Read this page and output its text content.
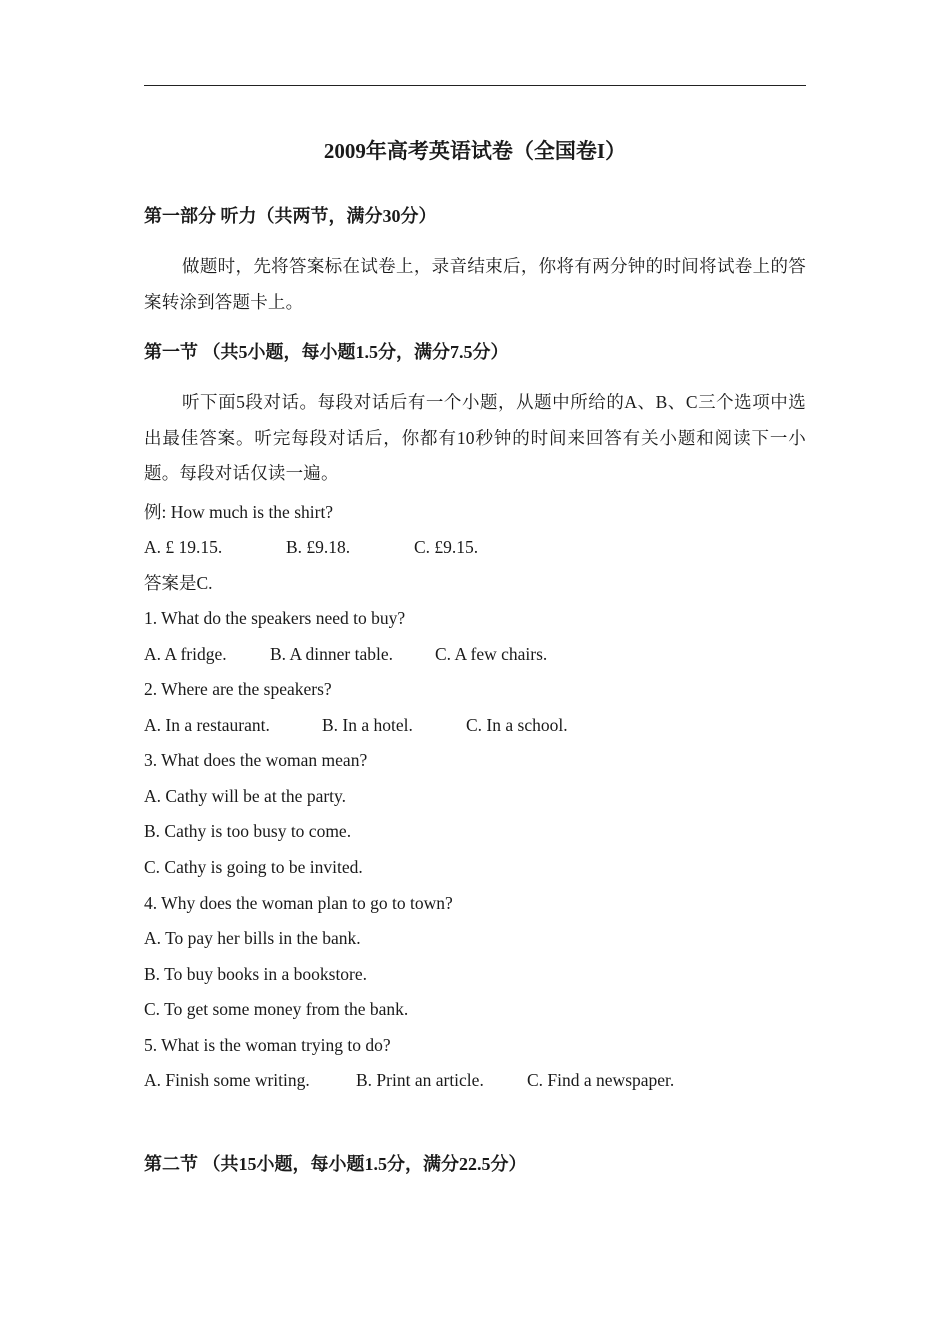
2009年高考英语试卷（全国卷I）
第一部分 听力（共两节，满分30分）
做题时，先将答案标在试卷上，录音结束后，你将有两分钟的时间将试卷上的答案转涂到答题卡上。
第一节 （共5小题，每小题1.5分，满分7.5分）
听下面5段对话。每段对话后有一个小题，从题中所给的A、B、C三个选项中选出最佳答案。听完每段对话后，你都有10秒钟的时间来回答有关小题和阅读下一小题。每段对话仅读一遍。
例: How much is the shirt?
A. £ 19.15.	B. £9.18.	C. £9.15.
答案是C.
1. What do the speakers need to buy?
A. A fridge. B. A dinner table. C. A few chairs.
2. Where are the speakers?
A. In a restaurant.	B. In a hotel.	C. In a school.
3. What does the woman mean?
A. Cathy will be at the party.
B. Cathy is too busy to come.
C. Cathy is going to be invited.
4. Why does the woman plan to go to town?
A. To pay her bills in the bank.
B. To buy books in a bookstore.
C. To get some money from the bank.
5. What is the woman trying to do?
A. Finish some writing.	B. Print an article. C. Find a newspaper.
第二节 （共15小题，每小题1.5分，满分22.5分）
